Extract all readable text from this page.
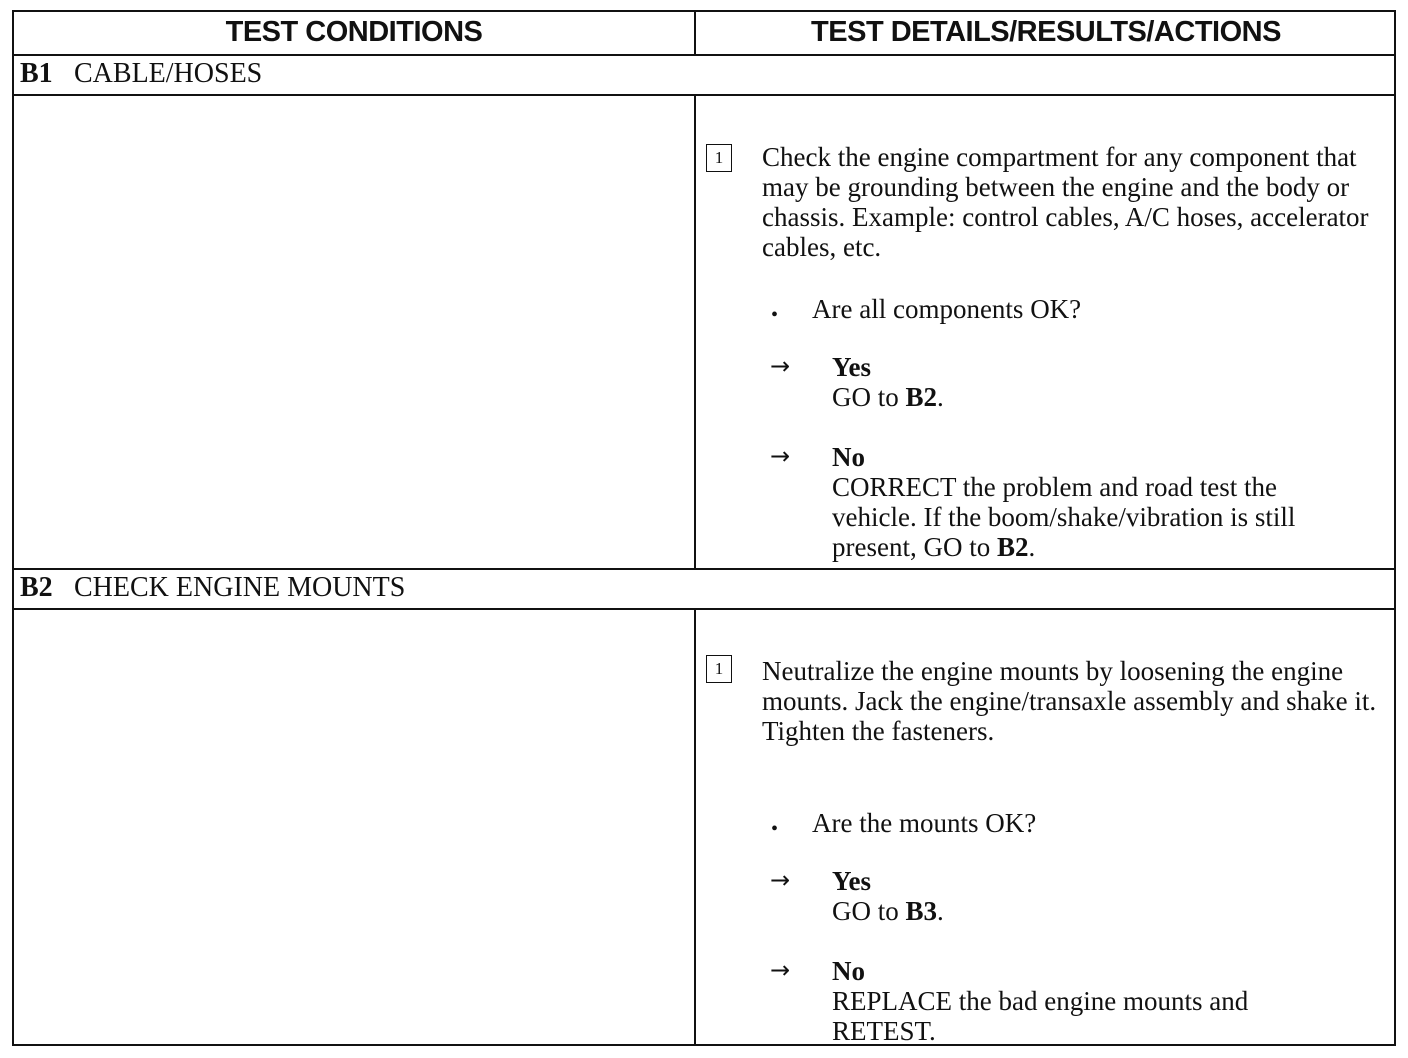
TEST CONDITIONS	TEST DETAILS/RESULTS/ACTIONS
B1 CABLE/HOSES
1	Check the engine compartment for any component that may be grounding between the engine and the body or chassis. Example: control cables, A/C hoses, accelerator cables, etc.
• Are all components OK?
→ Yes
GO to B2.
→ No
CORRECT the problem and road test the vehicle. If the boom/shake/vibration is still present, GO to B2.
B2 CHECK ENGINE MOUNTS
1	Neutralize the engine mounts by loosening the engine mounts. Jack the engine/transaxle assembly and shake it. Tighten the fasteners.
• Are the mounts OK?
→ Yes
GO to B3.
→ No
REPLACE the bad engine mounts and RETEST.
